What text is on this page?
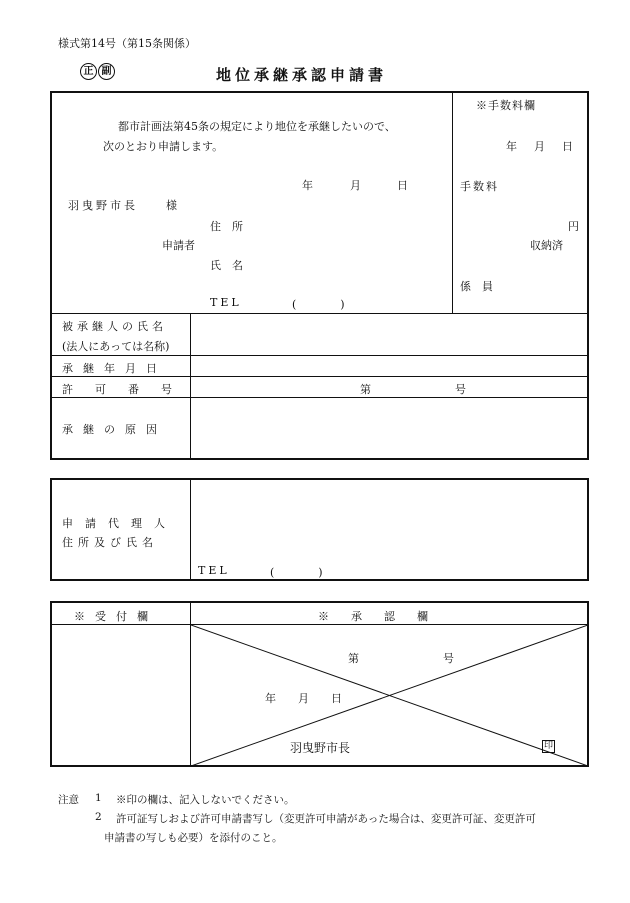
様式第14号（第15条関係）
正 副	地位承継承認申請書
都市計画法第45条の規定により地位を承継したいので、
次のとおり申請します。
年	月	日
羽曳野市長　　様
住　所
申請者
氏　名
TEL	(　　　　)
※手数料欄
年　月　日
手数料
円
収納済
係　員
被承継人の氏名
(法人にあっては名称)
承継年月日
許可番号	第	号
承継の原因
申請代理人
住所及び氏名
TEL	(　　　　)
※受付欄	※承認欄
第	号
年　　月　　日
羽曳野市長	印
注意 1 ※印の欄は、記入しないでください。
2 許可証写しおよび許可申請書写し（変更許可申請があった場合は、変更許可証、変更許可
申請書の写しも必要）を添付のこと。
